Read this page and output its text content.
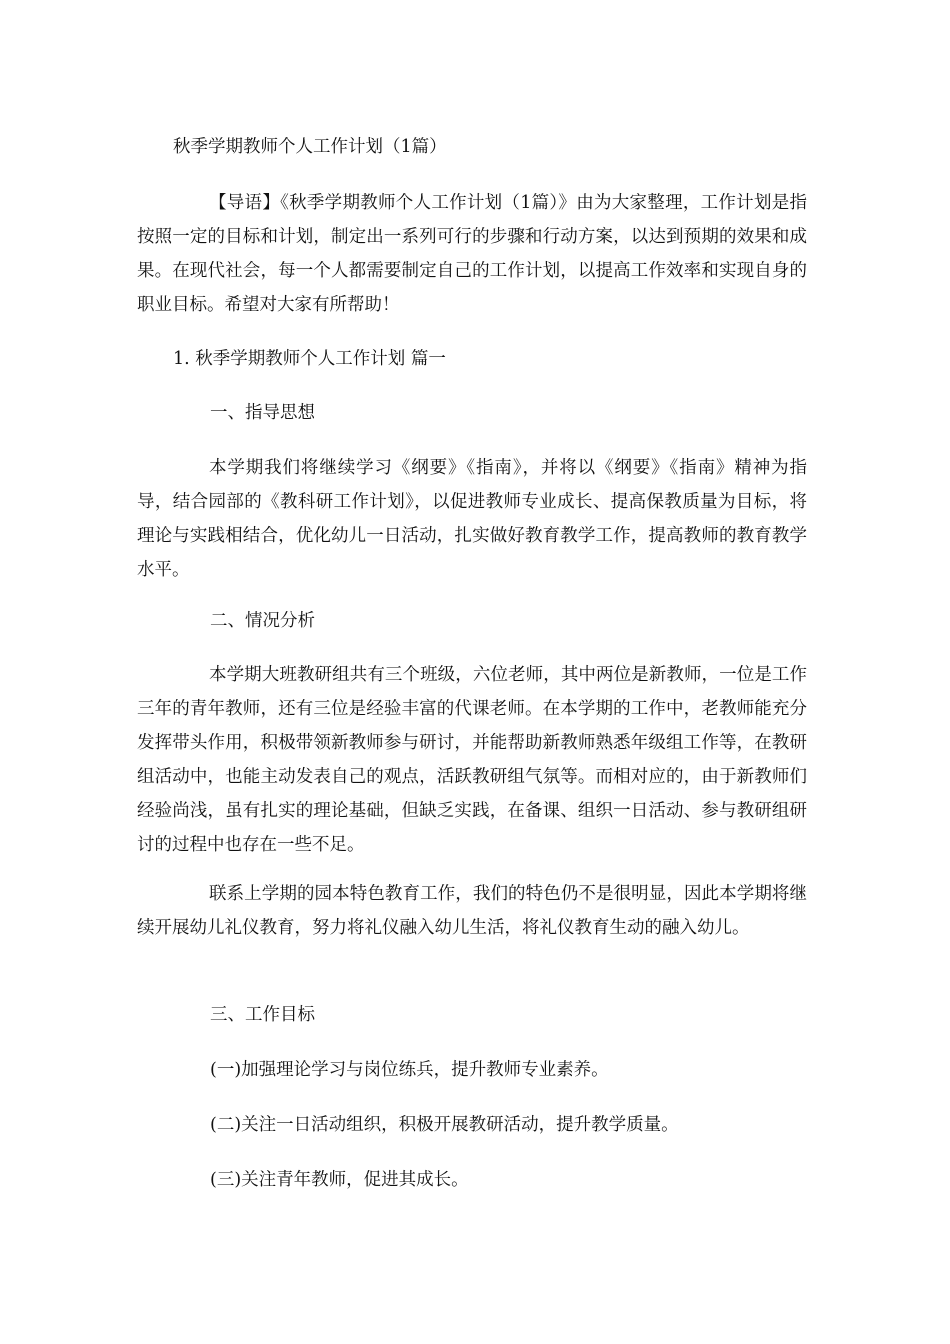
秋季学期教师个人工作计划（1篇）

【导语】《秋季学期教师个人工作计划（1篇）》由为大家整理，工作计划是指按照一定的目标和计划，制定出一系列可行的步骤和行动方案，以达到预期的效果和成果。在现代社会，每一个人都需要制定自己的工作计划，以提高工作效率和实现自身的职业目标。希望对大家有所帮助！

1. 秋季学期教师个人工作计划 篇一

一、指导思想

本学期我们将继续学习《纲要》《指南》，并将以《纲要》《指南》精神为指导，结合园部的《教科研工作计划》，以促进教师专业成长、提高保教质量为目标，将理论与实践相结合，优化幼儿一日活动，扎实做好教育教学工作，提高教师的教育教学水平。

二、情况分析

本学期大班教研组共有三个班级，六位老师，其中两位是新教师，一位是工作三年的青年教师，还有三位是经验丰富的代课老师。在本学期的工作中，老教师能充分发挥带头作用，积极带领新教师参与研讨，并能帮助新教师熟悉年级组工作等，在教研组活动中，也能主动发表自己的观点，活跃教研组气氛等。而相对应的，由于新教师们经验尚浅，虽有扎实的理论基础，但缺乏实践，在备课、组织一日活动、参与教研组研讨的过程中也存在一些不足。

联系上学期的园本特色教育工作，我们的特色仍不是很明显，因此本学期将继续开展幼儿礼仪教育，努力将礼仪融入幼儿生活，将礼仪教育生动的融入幼儿。

三、工作目标

(一)加强理论学习与岗位练兵，提升教师专业素养。

(二)关注一日活动组织，积极开展教研活动，提升教学质量。

(三)关注青年教师，促进其成长。
